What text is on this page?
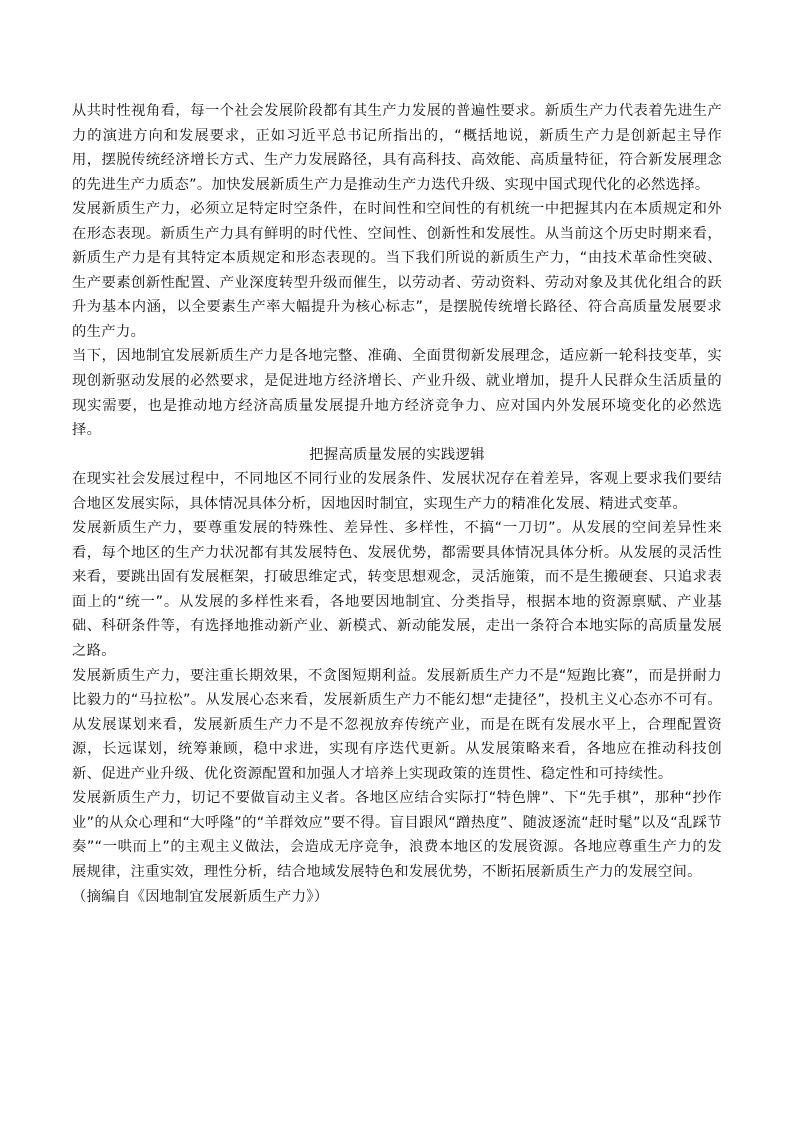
从共时性视角看，每一个社会发展阶段都有其生产力发展的普遍性要求。新质生产力代表着先进生产力的演进方向和发展要求，正如习近平总书记所指出的，“概括地说，新质生产力是创新起主导作用，摆脱传统经济增长方式、生产力发展路径，具有高科技、高效能、高质量特征，符合新发展理念的先进生产力质态”。加快发展新质生产力是推动生产力迭代升级、实现中国式现代化的必然选择。

发展新质生产力，必须立足特定时空条件，在时间性和空间性的有机统一中把握其内在本质规定和外在形态表现。新质生产力具有鲜明的时代性、空间性、创新性和发展性。从当前这个历史时期来看，新质生产力是有其特定本质规定和形态表现的。当下我们所说的新质生产力，“由技术革命性突破、生产要素创新性配置、产业深度转型升级而催生，以劳动者、劳动资料、劳动对象及其优化组合的跃升为基本内涵，以全要素生产率大幅提升为核心标志”，是摆脱传统增长路径、符合高质量发展要求的生产力。

当下，因地制宜发展新质生产力是各地完整、准确、全面贯彻新发展理念，适应新一轮科技变革，实现创新驱动发展的必然要求，是促进地方经济增长、产业升级、就业增加，提升人民群众生活质量的现实需要，也是推动地方经济高质量发展提升地方经济竞争力、应对国内外发展环境变化的必然选择。

把握高质量发展的实践逻辑

在现实社会发展过程中，不同地区不同行业的发展条件、发展状况存在着差异，客观上要求我们要结合地区发展实际，具体情况具体分析，因地因时制宜，实现生产力的精准化发展、精进式变革。

发展新质生产力，要尊重发展的特殊性、差异性、多样性，不搞“一刀切”。从发展的空间差异性来看，每个地区的生产力状况都有其发展特色、发展优势，都需要具体情况具体分析。从发展的灵活性来看，要跳出固有发展框架，打破思维定式，转变思想观念，灵活施策，而不是生搬硬套、只追求表面上的“统一”。从发展的多样性来看，各地要因地制宜、分类指导，根据本地的资源禀赋、产业基础、科研条件等，有选择地推动新产业、新模式、新动能发展，走出一条符合本地实际的高质量发展之路。

发展新质生产力，要注重长期效果，不贪图短期利益。发展新质生产力不是“短跑比赛”，而是拼耐力比毅力的“马拉松”。从发展心态来看，发展新质生产力不能幻想“走捷径”，投机主义心态亦不可有。从发展谋划来看，发展新质生产力不是不忽视放弃传统产业，而是在既有发展水平上，合理配置资源，长远谋划，统筹兼顾，稳中求进，实现有序迭代更新。从发展策略来看，各地应在推动科技创新、促进产业升级、优化资源配置和加强人才培养上实现政策的连贯性、稳定性和可持续性。

发展新质生产力，切记不要做盲动主义者。各地区应结合实际打“特色牌”、下“先手棋”，那种“抄作业”的从众心理和“大呼隆”的“羊群效应”要不得。盲目跟风“蹭热度”、随波逐流“赶时髦”以及“乱踩节奏”“一哄而上”的主观主义做法，会造成无序竞争，浪费本地区的发展资源。各地应尊重生产力的发展规律，注重实效，理性分析，结合地域发展特色和发展优势，不断拓展新质生产力的发展空间。

（摘编自《因地制宜发展新质生产力》）
